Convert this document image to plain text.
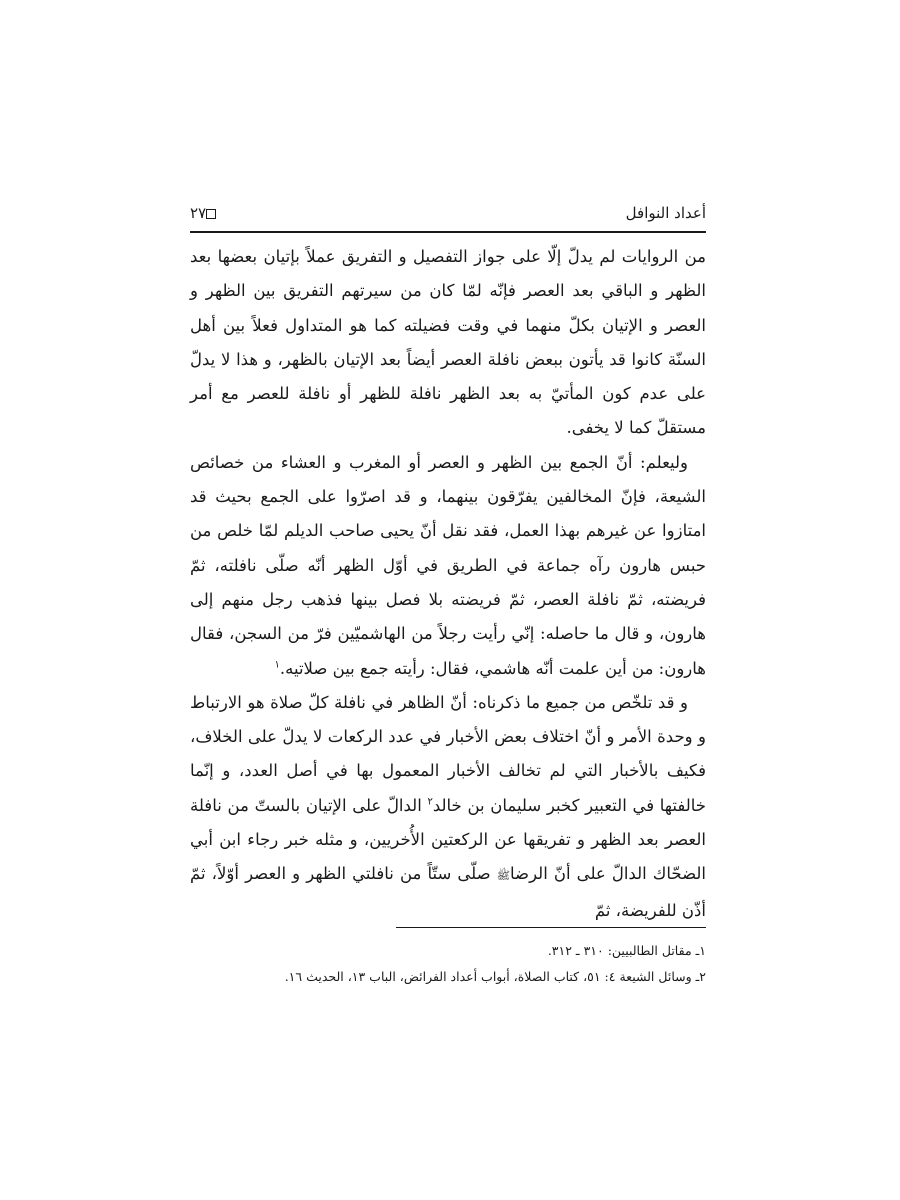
أعداد النوافل
٢٧

من الروايات لم يدلّ إلّا على جواز التفصيل و التفريق عملاً بإتيان بعضها بعد الظهر و الباقي بعد العصر فإنّه لمّا كان من سيرتهم التفريق بين الظهر و العصر و الإتيان بكلّ منهما في وقت فضيلته كما هو المتداول فعلاً بين أهل السنّة كانوا قد يأتون ببعض نافلة العصر أيضاً بعد الإتيان بالظهر، و هذا لا يدلّ على عدم كون المأتيّ به بعد الظهر نافلة للظهر أو نافلة للعصر مع أمر مستقلّ كما لا يخفى.

وليعلم: أنّ الجمع بين الظهر و العصر أو المغرب و العشاء من خصائص الشيعة، فإنّ المخالفين يفرّقون بينهما، و قد اصرّوا على الجمع بحيث قد امتازوا عن غيرهم بهذا العمل، فقد نقل أنّ يحيى صاحب الديلم لمّا خلص من حبس هارون رآه جماعة في الطريق في أوّل الظهر أنّه صلّى نافلته، ثمّ فريضته، ثمّ نافلة العصر، ثمّ فريضته بلا فصل بينها فذهب رجل منهم إلى هارون، و قال ما حاصله: إنّي رأيت رجلاً من الهاشميّين فرّ من السجن، فقال هارون: من أين علمت أنّه هاشمي، فقال: رأيته جمع بين صلاتيه.$^١$

و قد تلخّص من جميع ما ذكرناه: أنّ الظاهر في نافلة كلّ صلاة هو الارتباط و وحدة الأمر و أنّ اختلاف بعض الأخبار في عدد الركعات لا يدلّ على الخلاف، فكيف بالأخبار التي لم تخالف الأخبار المعمول بها في أصل العدد، و إنّما خالفتها في التعبير كخبر سليمان بن خالد$^٢$ الدالّ على الإتيان بالستّ من نافلة العصر بعد الظهر و تفريقها عن الركعتين الأُخريين، و مثله خبر رجاء ابن أبي الضحّاك الدالّ على أنّ الرضاﷺ صلّى ستّاً من نافلتي الظهر و العصر أوّلاً، ثمّ أذّن للفريضة، ثمّ

١ـ مقاتل الطالبيين: ٣١٠ ـ ٣١٢.

٢ـ وسائل الشيعة ٤: ٥١، كتاب الصلاة، أبواب أعداد الفرائض، الباب ١٣، الحديث ١٦.
